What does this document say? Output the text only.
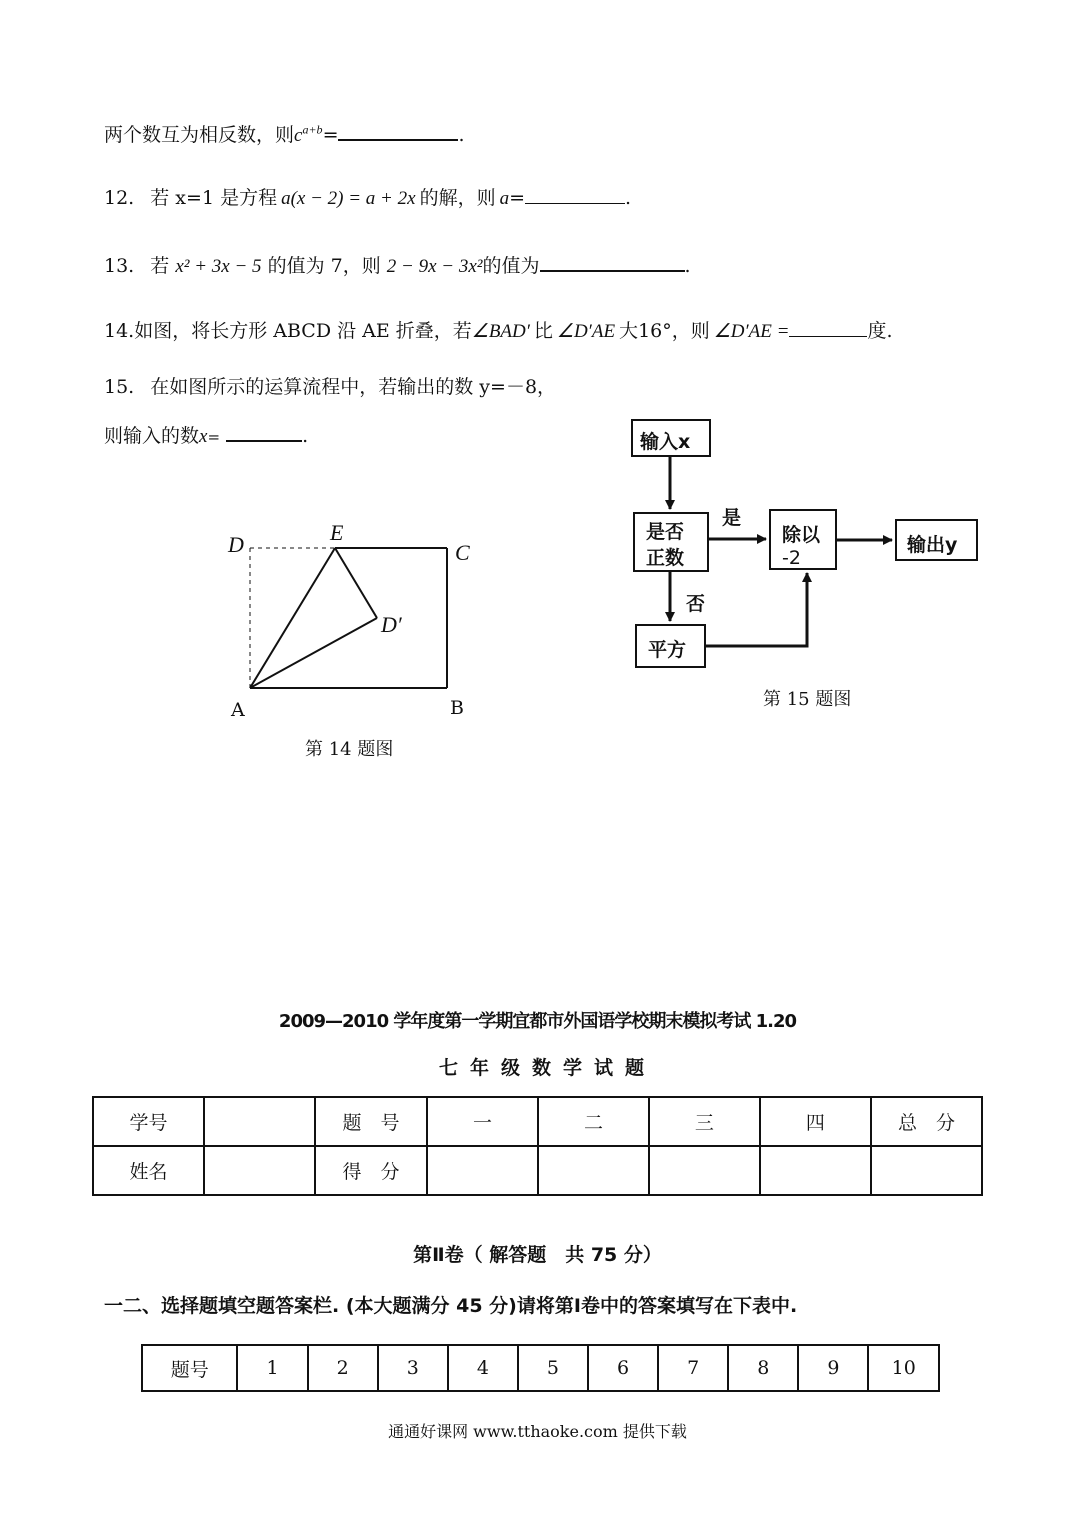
两个数互为相反数，则$c^{a+b}=$	.
12. 若 x=1 是方程 a(x − 2) = a + 2x 的解，则 a=	.
13. 若 x² + 3x − 5 的值为 7，则 2 − 9x − 3x²的值为	.
14.如图，将长方形 ABCD 沿 AE 折叠，若∠BAD′ 比 ∠D′AE 大16°，则 ∠D′AE =	度.
15. 在如图所示的运算流程中，若输出的数 y=－8，
则输入的数x=	.
D	E
C
D′
A	B
第 14 题图
输入x
是否
正数
是
除以
-2
输出y
否
平方
第 15 题图
2009—2010 学年度第一学期宜都市外国语学校期末模拟考试 1.20
七年级数学试题
学号		题　号	一	二	三	四	总　分
姓名		得　分					
第Ⅱ卷（ 解答题　共 75 分）
一二、选择题填空题答案栏. (本大题满分 45 分)请将第Ⅰ卷中的答案填写在下表中.
题号	1	2	3	4	5	6	7	8	9	10
通通好课网 www.tthaoke.com 提供下载
